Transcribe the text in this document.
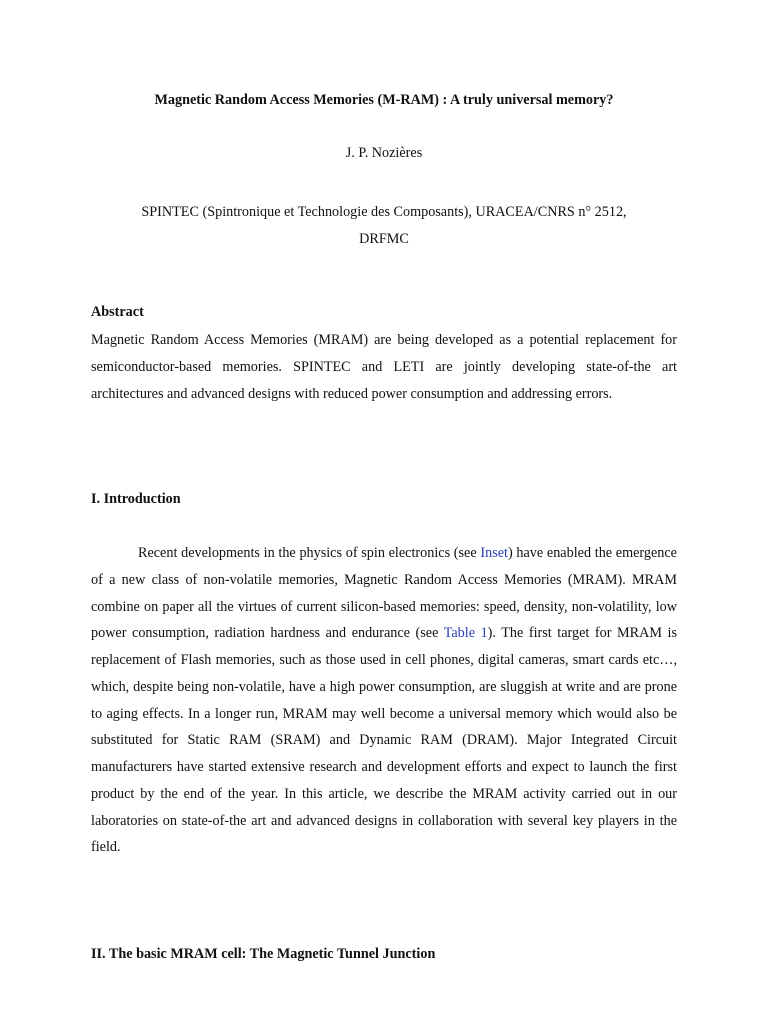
Magnetic Random Access Memories (M-RAM) : A truly universal memory?
J. P. Nozières
SPINTEC (Spintronique et Technologie des Composants), URACEA/CNRS n° 2512,
DRFMC
Abstract
Magnetic Random Access Memories (MRAM) are being developed as a potential replacement for semiconductor-based memories. SPINTEC and LETI are jointly developing state-of-the art architectures and advanced designs with reduced power consumption and addressing errors.
I. Introduction
Recent developments in the physics of spin electronics (see Inset) have enabled the emergence of a new class of non-volatile memories, Magnetic Random Access Memories (MRAM). MRAM combine on paper all the virtues of current silicon-based memories: speed, density, non-volatility, low power consumption, radiation hardness and endurance (see Table 1). The first target for MRAM is replacement of Flash memories, such as those used in cell phones, digital cameras, smart cards etc…, which, despite being non-volatile, have a high power consumption, are sluggish at write and are prone to aging effects. In a longer run, MRAM may well become a universal memory which would also be substituted for Static RAM (SRAM) and Dynamic RAM (DRAM). Major Integrated Circuit manufacturers have started extensive research and development efforts and expect to launch the first product by the end of the year. In this article, we describe the MRAM activity carried out in our laboratories on state-of-the art and advanced designs in collaboration with several key players in the field.
II. The basic MRAM cell: The Magnetic Tunnel Junction
